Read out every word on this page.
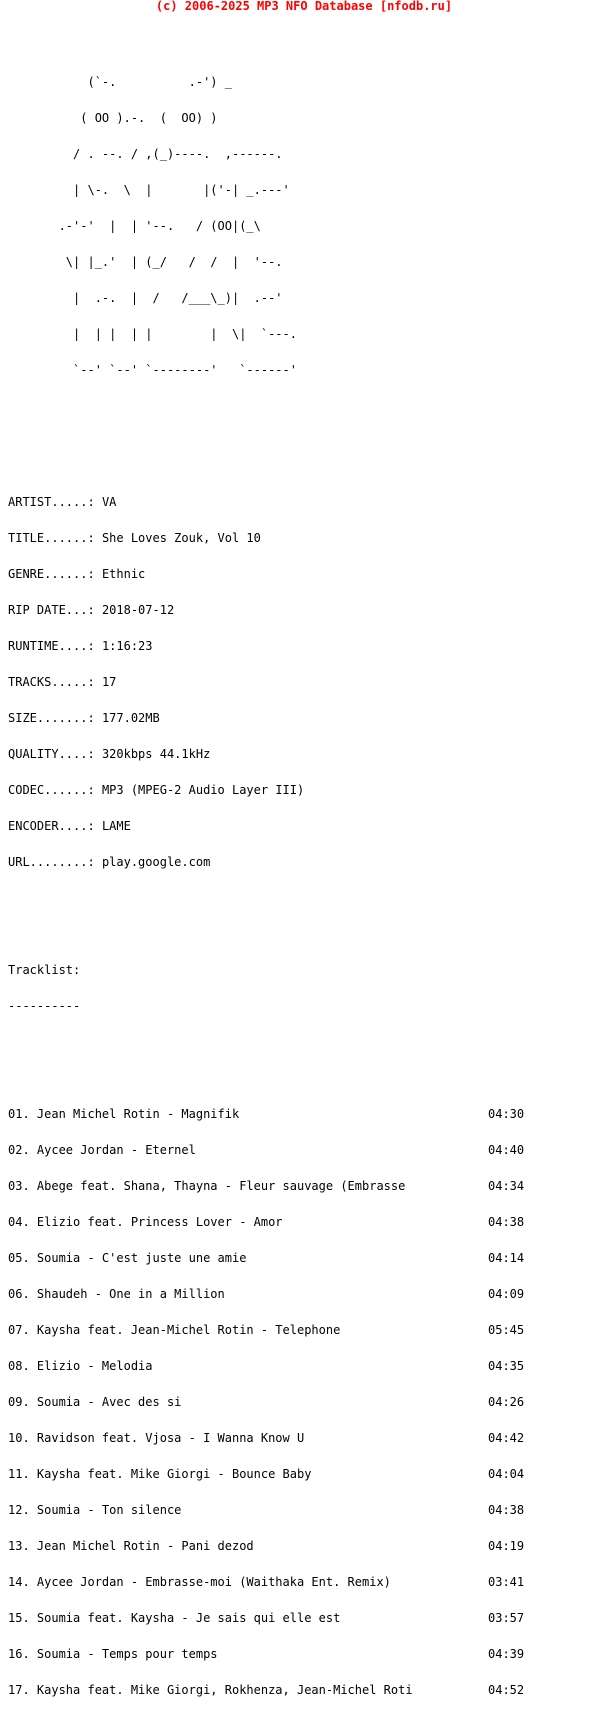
(c) 2006-2025 MP3 NFO Database [nfodb.ru]

(`-.          .-') _

( OO ).-.  (  OO) )

/ . --. / ,(_)----.  ,------.

| \-.  \  |       |('-| _.---'

.-'-'  |  | '--.   / (OO|(_\

\| |_.'  | (_/   /  /  |  '--.

|  .-.  |  /   /___\_)|  .--'

|  | |  | |        |  \|  `---.

`--' `--' `--------'   `------'

ARTIST.....: VA

TITLE......: She Loves Zouk, Vol 10

GENRE......: Ethnic

RIP DATE...: 2018-07-12

RUNTIME....: 1:16:23

TRACKS.....: 17

SIZE.......: 177.02MB

QUALITY....: 320kbps 44.1kHz

CODEC......: MP3 (MPEG-2 Audio Layer III)

ENCODER....: LAME

URL........: play.google.com

Tracklist:

----------

01. Jean Michel Rotin - Magnifik	04:30

02. Aycee Jordan - Eternel	04:40

03. Abege feat. Shana, Thayna - Fleur sauvage (Embrasse	04:34

04. Elizio feat. Princess Lover - Amor	04:38

05. Soumia - C'est juste une amie	04:14

06. Shaudeh - One in a Million	04:09

07. Kaysha feat. Jean-Michel Rotin - Telephone	05:45

08. Elizio - Melodia	04:35

09. Soumia - Avec des si	04:26

10. Ravidson feat. Vjosa - I Wanna Know U	04:42

11. Kaysha feat. Mike Giorgi - Bounce Baby	04:04

12. Soumia - Ton silence	04:38

13. Jean Michel Rotin - Pani dezod	04:19

14. Aycee Jordan - Embrasse-moi (Waithaka Ent. Remix)	03:41

15. Soumia feat. Kaysha - Je sais qui elle est	03:57

16. Soumia - Temps pour temps	04:39

17. Kaysha feat. Mike Giorgi, Rokhenza, Jean-Michel Roti	04:52
